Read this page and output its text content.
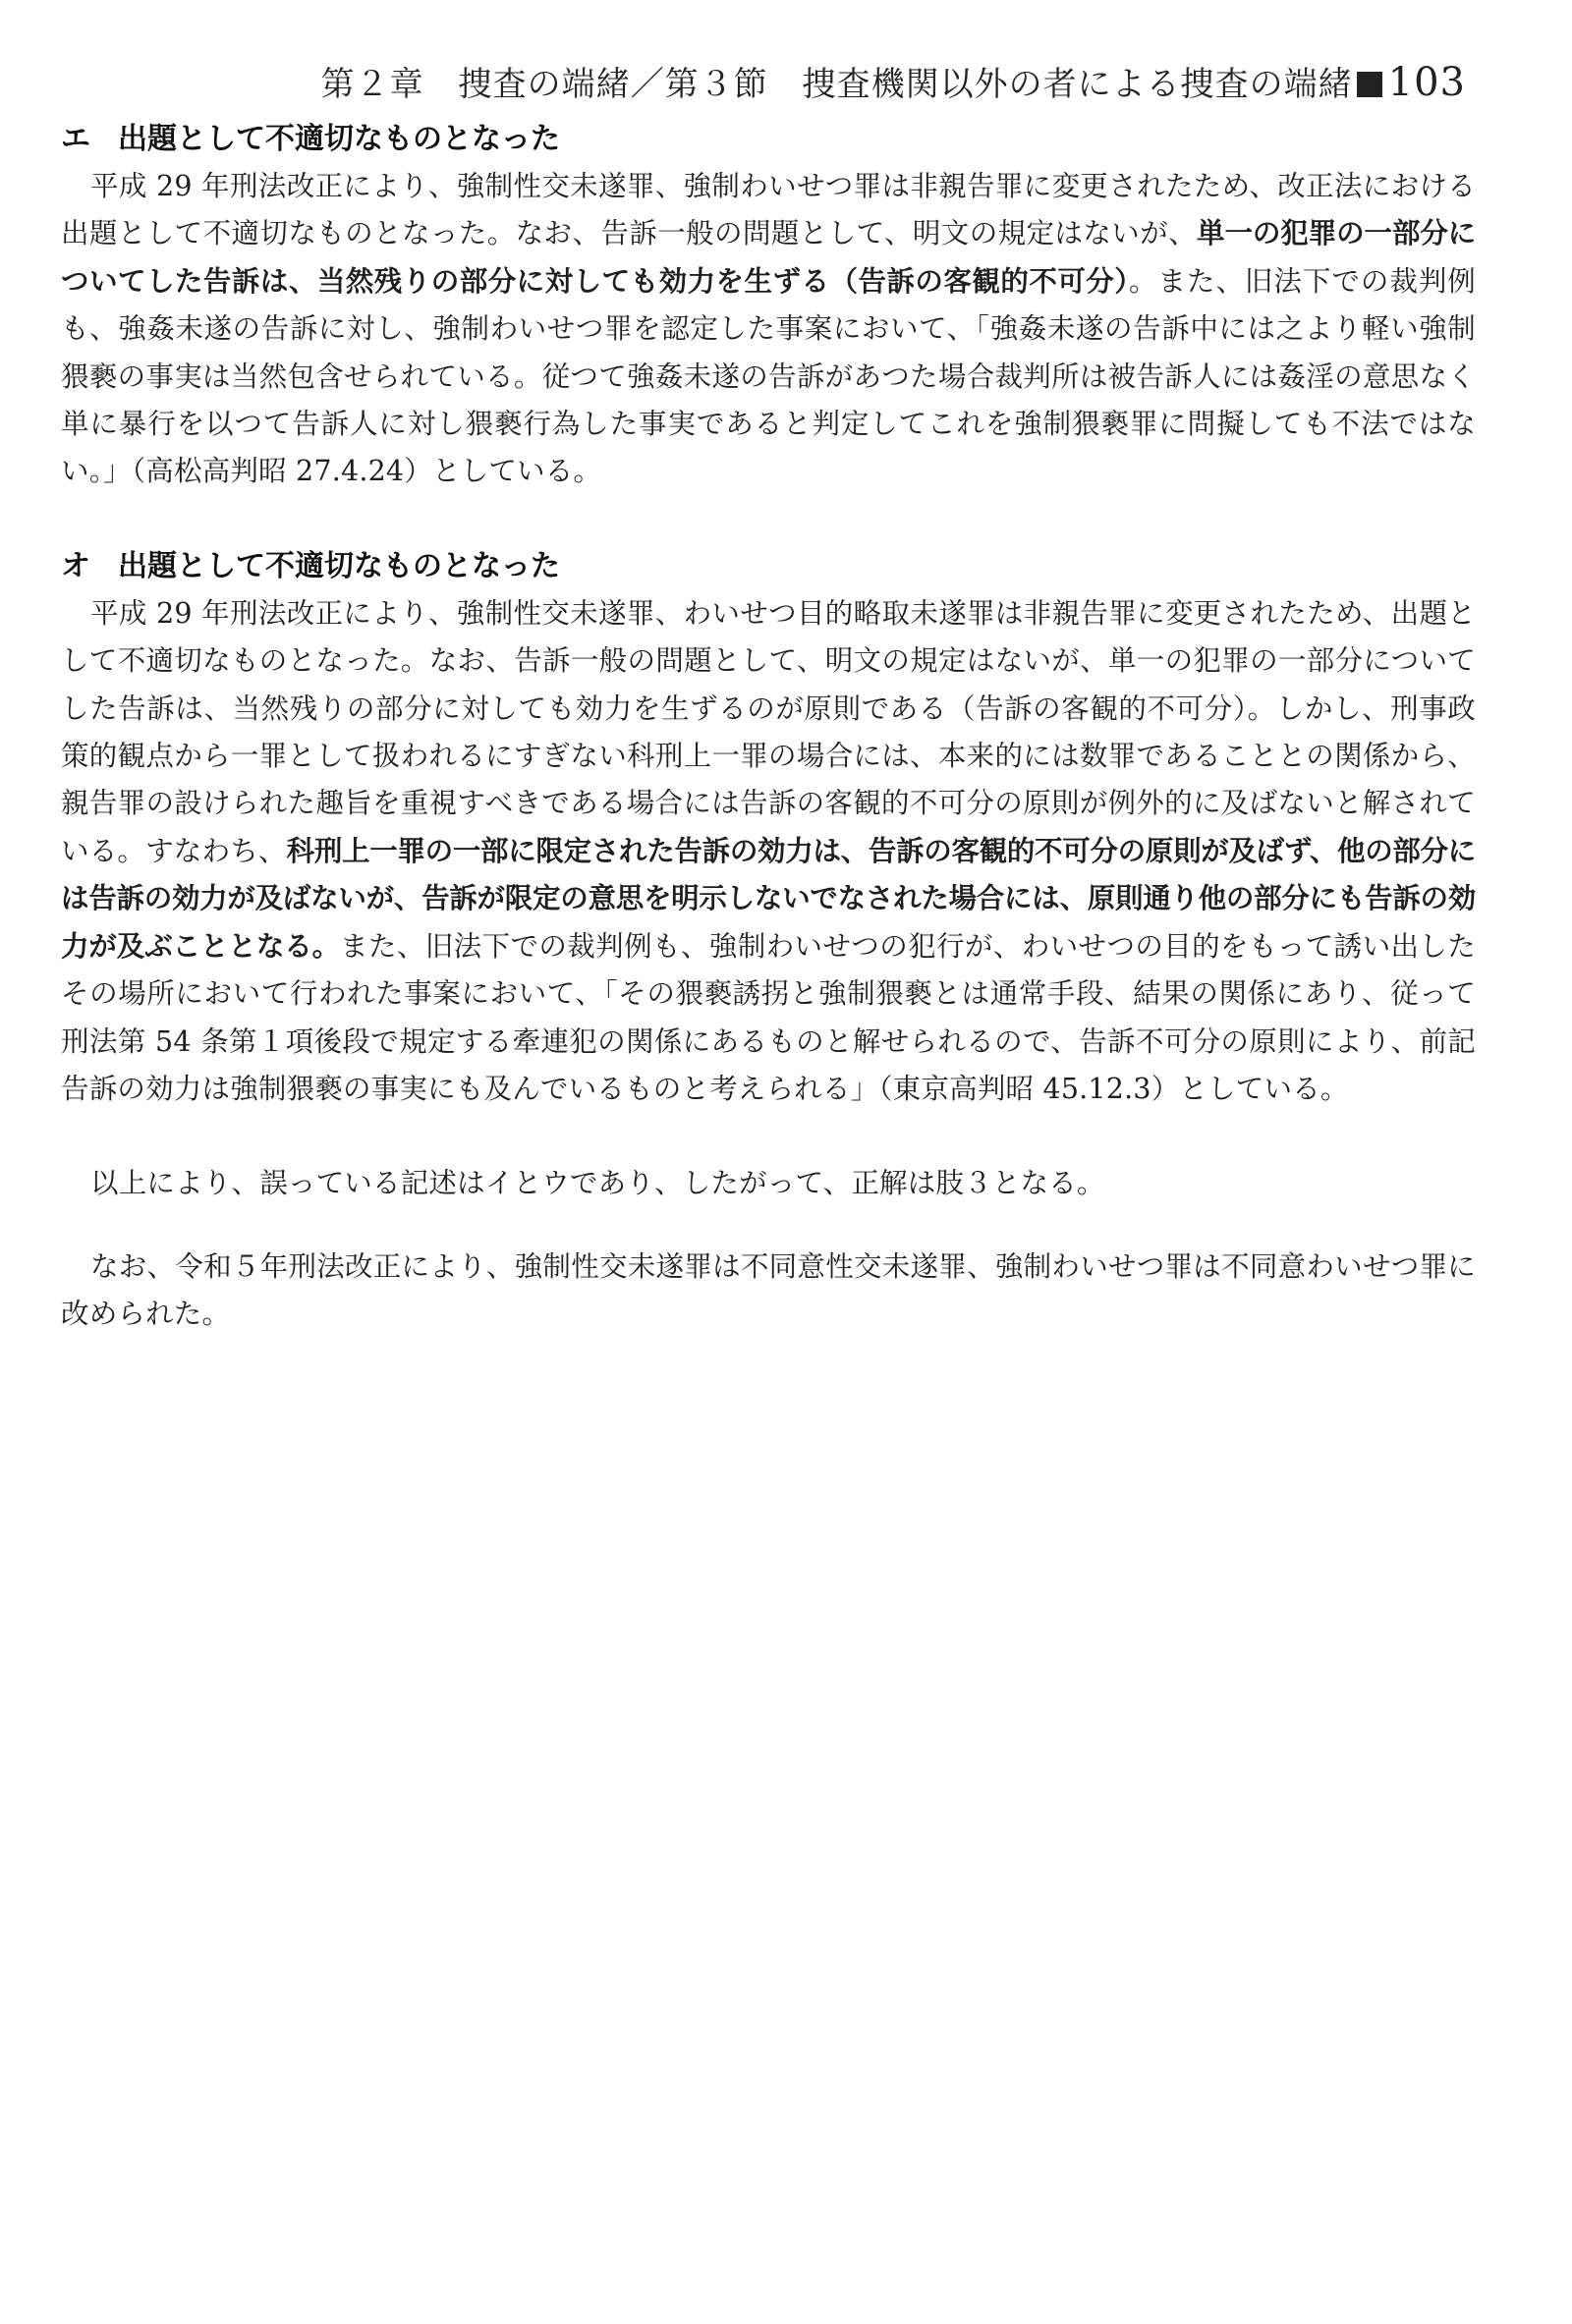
第２章　捜査の端緒／第３節　捜査機関以外の者による捜査の端緒 103
エ 出題として不適切なものとなった

平成 29 年刑法改正により、強制性交未遂罪、強制わいせつ罪は非親告罪に変更されたため、改正法における出題として不適切なものとなった。なお、告訴一般の問題として、明文の規定はないが、単一の犯罪の一部分についてした告訴は、当然残りの部分に対しても効力を生ずる（告訴の客観的不可分）。また、旧法下での裁判例も、強姦未遂の告訴に対し、強制わいせつ罪を認定した事案において、「強姦未遂の告訴中には之より軽い強制猥褻の事実は当然包含せられている。従つて強姦未遂の告訴があつた場合裁判所は被告訴人には姦淫の意思なく単に暴行を以つて告訴人に対し猥褻行為した事実であると判定してこれを強制猥褻罪に問擬しても不法ではない。」（高松高判昭 27.4.24）としている。

オ 出題として不適切なものとなった

平成 29 年刑法改正により、強制性交未遂罪、わいせつ目的略取未遂罪は非親告罪に変更されたため、出題として不適切なものとなった。なお、告訴一般の問題として、明文の規定はないが、単一の犯罪の一部分についてした告訴は、当然残りの部分に対しても効力を生ずるのが原則である（告訴の客観的不可分）。しかし、刑事政策的観点から一罪として扱われるにすぎない科刑上一罪の場合には、本来的には数罪であることとの関係から、親告罪の設けられた趣旨を重視すべきである場合には告訴の客観的不可分の原則が例外的に及ばないと解されている。すなわち、科刑上一罪の一部に限定された告訴の効力は、告訴の客観的不可分の原則が及ばず、他の部分には告訴の効力が及ばないが、告訴が限定の意思を明示しないでなされた場合には、原則通り他の部分にも告訴の効力が及ぶこととなる。また、旧法下での裁判例も、強制わいせつの犯行が、わいせつの目的をもって誘い出したその場所において行われた事案において、「その猥褻誘拐と強制猥褻とは通常手段、結果の関係にあり、従って刑法第 54 条第１項後段で規定する牽連犯の関係にあるものと解せられるので、告訴不可分の原則により、前記告訴の効力は強制猥褻の事実にも及んでいるものと考えられる」（東京高判昭 45.12.3）としている。

以上により、誤っている記述はイとウであり、したがって、正解は肢３となる。

なお、令和５年刑法改正により、強制性交未遂罪は不同意性交未遂罪、強制わいせつ罪は不同意わいせつ罪に改められた。
